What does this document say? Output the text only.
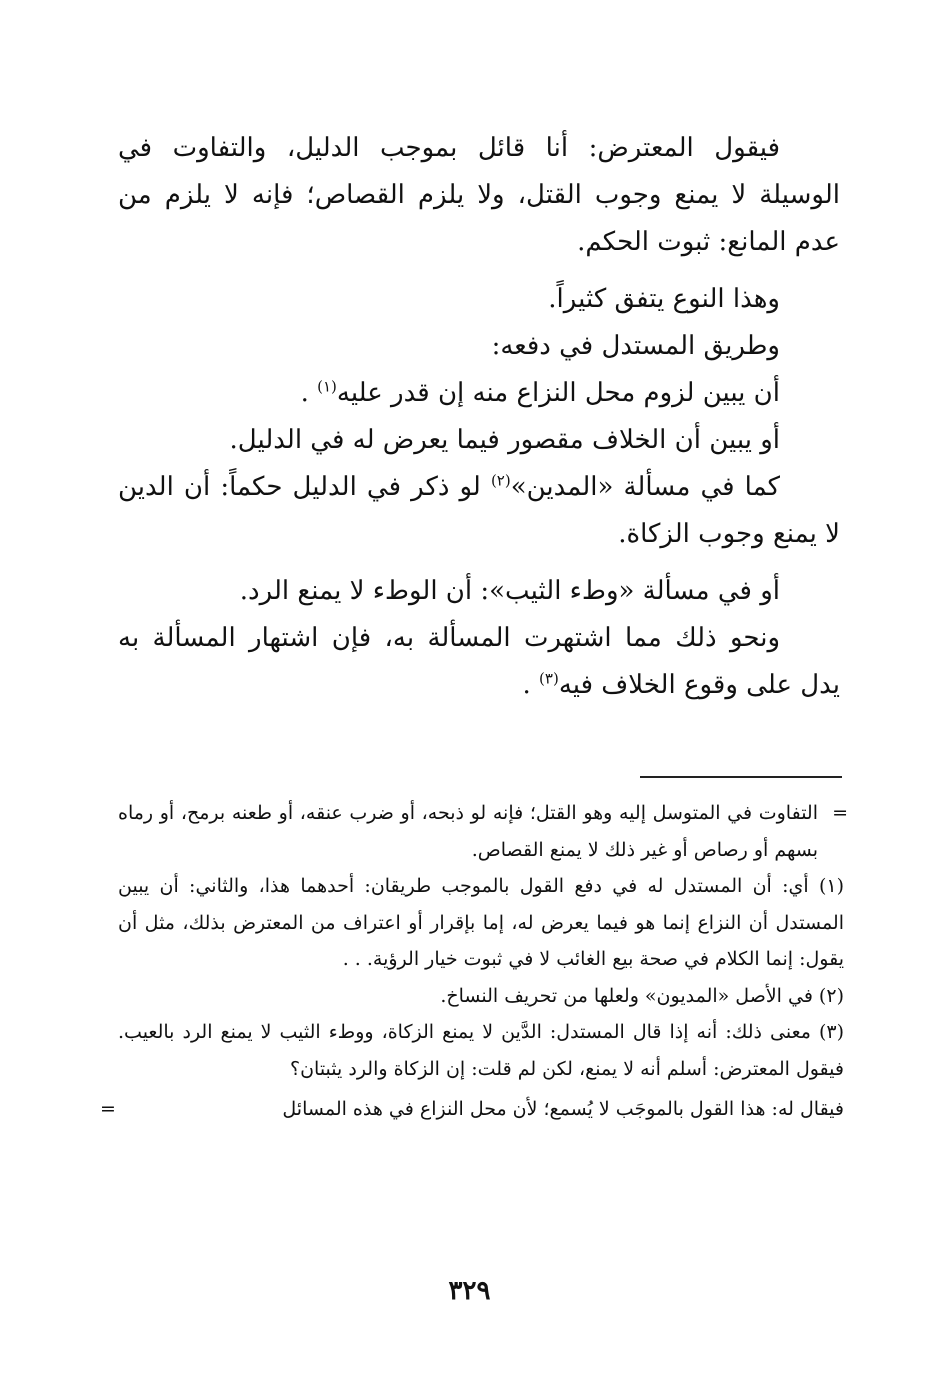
فيقول المعترض: أنا قائل بموجب الدليل، والتفاوت في الوسيلة لا يمنع وجوب القتل، ولا يلزم القصاص؛ فإنه لا يلزم من عدم المانع: ثبوت الحكم.

وهذا النوع يتفق كثيراً.

وطريق المستدل في دفعه:

أن يبين لزوم محل النزاع منه إن قدر عليه$^{(١)}$ .

أو يبين أن الخلاف مقصور فيما يعرض له في الدليل.

كما في مسألة «المدين»$^{(٢)}$ لو ذكر في الدليل حكماً: أن الدين لا يمنع وجوب الزكاة.

أو في مسألة «وطء الثيب»: أن الوطء لا يمنع الرد.

ونحو ذلك مما اشتهرت المسألة به، فإن اشتهار المسألة به يدل على وقوع الخلاف فيه$^{(٣)}$ .

=
التفاوت في المتوسل إليه وهو القتل؛ فإنه لو ذبحه، أو ضرب عنقه، أو طعنه برمح، أو رماه بسهم أو رصاص أو غير ذلك لا يمنع القصاص.
(١) أي: أن المستدل له في دفع القول بالموجب طريقان: أحدهما هذا، والثاني: أن يبين المستدل أن النزاع إنما هو فيما يعرض له، إما بإقرار أو اعتراف من المعترض بذلك، مثل أن يقول: إنما الكلام في صحة بيع الغائب لا في ثبوت خيار الرؤية. . .
(٢) في الأصل «المديون» ولعلها من تحريف النساخ.
(٣) معنى ذلك: أنه إذا قال المستدل: الدَّين لا يمنع الزكاة، ووطء الثيب لا يمنع الرد بالعيب. فيقول المعترض: أسلم أنه لا يمنع، لكن لم قلت: إن الزكاة والرد يثبتان؟
فيقال له: هذا القول بالموجَب لا يُسمع؛ لأن محل النزاع في هذه المسائل
=
٣٢٩
